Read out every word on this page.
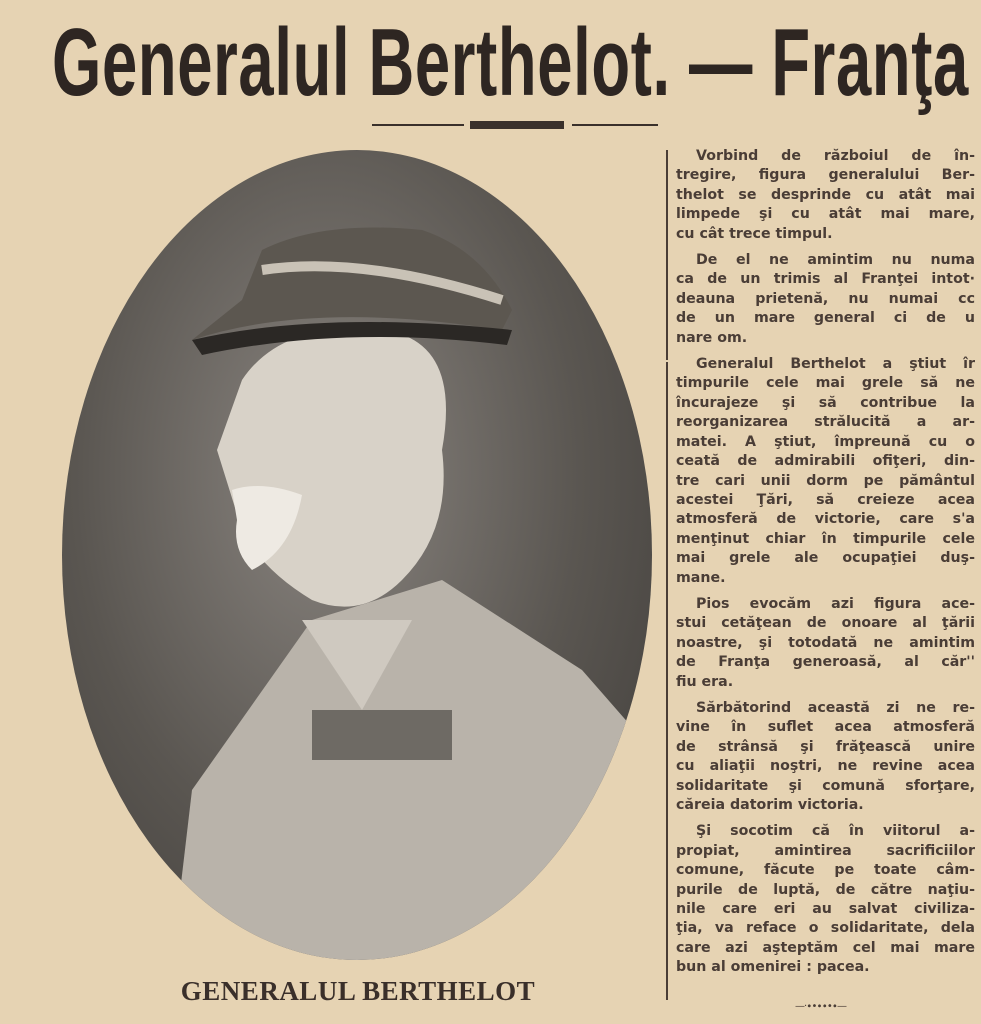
Generalul Berthelot. — Franţa
GENERALUL BERTHELOT
Vorbind de războiul de în-
tregire, figura generalului Ber-
thelot se desprinde cu atât mai
limpede şi cu atât mai mare,
cu cât trece timpul.
De el ne amintim nu numa
ca de un trimis al Franţei intot·
deauna prietenă, nu numai cc
de un mare general ci de u
nare om.
Generalul Berthelot a ştiut îr
timpurile cele mai grele să ne
încurajeze şi să contribue la
reorganizarea strălucită a ar-
matei. A ştiut, împreună cu o
ceată de admirabili ofiţeri, din-
tre cari unii dorm pe pământul
acestei Ţări, să creieze acea
atmosferă de victorie, care s'a
menţinut chiar în timpurile cele
mai grele ale ocupaţiei duş-
mane.
Pios evocăm azi figura ace-
stui cetăţean de onoare al ţării
noastre, şi totodată ne amintim
de Franţa generoasă, al căr''
fiu era.
Sărbătorind această zi ne re-
vine în suflet acea atmosferă
de strânsă şi frăţească unire
cu aliaţii noştri, ne revine acea
solidaritate şi comună sforţare,
căreia datorim victoria.
Şi socotim că în viitorul a-
propiat, amintirea sacrificiilor
comune, făcute pe toate câm-
purile de luptă, de către naţiu-
nile care eri au salvat civiliza-
ţia, va reface o solidaritate, dela
care azi aşteptăm cel mai mare
bun al omenirei : pacea.
—·∙•∙∙•∙—
